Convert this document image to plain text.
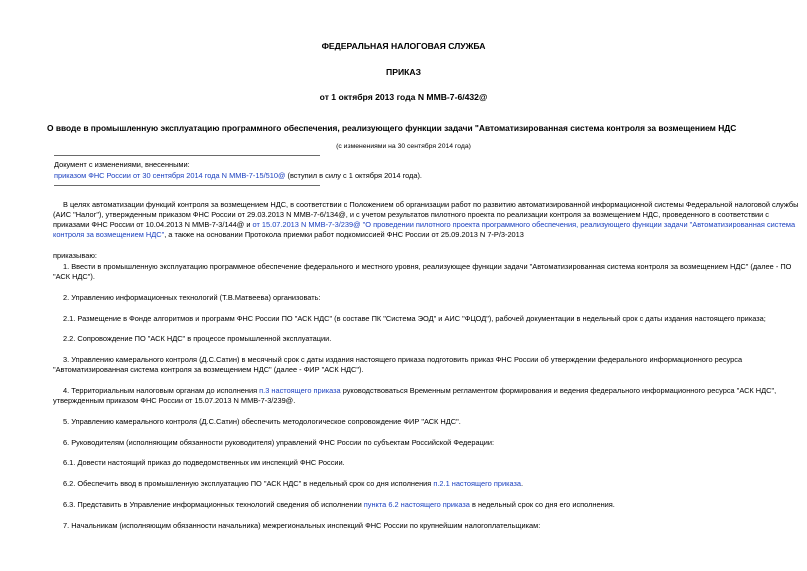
ФЕДЕРАЛЬНАЯ НАЛОГОВАЯ СЛУЖБА
ПРИКАЗ
от 1 октября 2013 года N ММВ-7-6/432@
О вводе в промышленную эксплуатацию программного обеспечения, реализующего функции задачи "Автоматизированная система контроля за возмещением НДС
(с изменениями на 30 сентября 2014 года)
Документ с изменениями, внесенными:
приказом ФНС России от 30 сентября 2014 года N ММВ-7-15/510@ (вступил в силу с 1 октября 2014 года).
В целях автоматизации функций контроля за возмещением НДС, в соответствии с Положением об организации работ по развитию автоматизированной информационной системы Федеральной налоговой службы
(АИС "Налог"), утвержденным приказом ФНС России от 29.03.2013 N ММВ-7-6/134@, и с учетом результатов пилотного проекта по реализации контроля за возмещением НДС, проведенного в соответствии с
приказами ФНС России от 10.04.2013 N ММВ-7-3/144@ и от 15.07.2013 N ММВ-7-3/239@ "О проведении пилотного проекта программного обеспечения, реализующего функции задачи "Автоматизированная система
контроля за возмещением НДС", а также на основании Протокола приемки работ подкомиссией ФНС России от 25.09.2013 N 7-Р/3-2013
приказываю:
1. Ввести в промышленную эксплуатацию программное обеспечение федерального и местного уровня, реализующее функции задачи "Автоматизированная система контроля за возмещением НДС" (далее - ПО
"АСК НДС").
2. Управлению информационных технологий (Т.В.Матвеева) организовать:
2.1. Размещение в Фонде алгоритмов и программ ФНС России ПО "АСК НДС" (в составе ПК "Система ЭОД" и АИС "ФЦОД"), рабочей документации в недельный срок с даты издания настоящего приказа;
2.2. Сопровождение ПО "АСК НДС" в процессе промышленной эксплуатации.
3. Управлению камерального контроля (Д.С.Сатин) в месячный срок с даты издания настоящего приказа подготовить приказ ФНС России об утверждении федерального информационного ресурса
"Автоматизированная система контроля за возмещением НДС" (далее - ФИР "АСК НДС").
4. Территориальным налоговым органам до исполнения п.3 настоящего приказа руководствоваться Временным регламентом формирования и ведения федерального информационного ресурса "АСК НДС",
утвержденным приказом ФНС России от 15.07.2013 N ММВ-7-3/239@.
5. Управлению камерального контроля (Д.С.Сатин) обеспечить методологическое сопровождение ФИР "АСК НДС".
6. Руководителям (исполняющим обязанности руководителя) управлений ФНС России по субъектам Российской Федерации:
6.1. Довести настоящий приказ до подведомственных им инспекций ФНС России.
6.2. Обеспечить ввод в промышленную эксплуатацию ПО "АСК НДС" в недельный срок со дня исполнения п.2.1 настоящего приказа.
6.3. Представить в Управление информационных технологий сведения об исполнении пункта 6.2 настоящего приказа в недельный срок со дня его исполнения.
7. Начальникам (исполняющим обязанности начальника) межрегиональных инспекций ФНС России по крупнейшим налогоплательщикам:
